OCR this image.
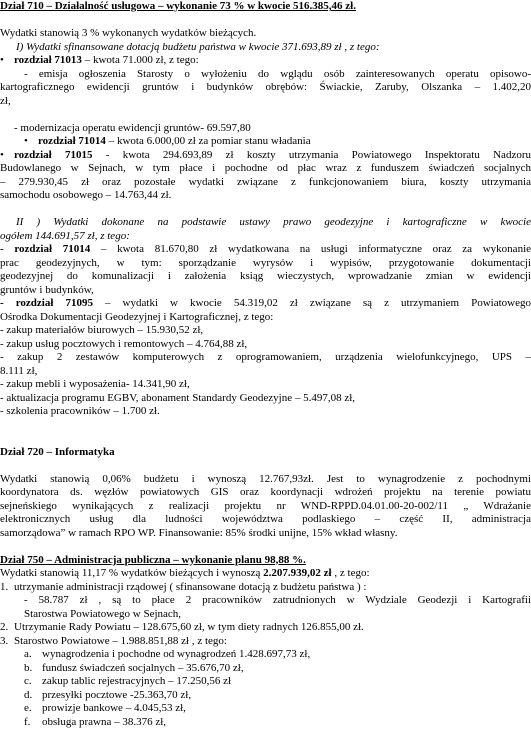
Dział 710 – Działalność usługowa – wykonanie 73 % w kwocie 516.385,46 zł.
Wydatki stanowią 3 % wykonanych wydatków bieżących.
I) Wydatki sfinansowane dotacją budżetu państwa w kwocie 371.693,89 zł , z tego:
• rozdział 71013 – kwota 71.000 zł, z tego:
- emisja ogłoszenia Starosty o wyłożeniu do wglądu osób zainteresowanych operatu opisowo-
kartograficznego ewidencji gruntów i budynków obrębów: Świackie, Zaruby, Olszanka – 1.402,20
zł,
- modernizacja operatu ewidencji gruntów- 69.597,80
• rozdział 71014 – kwota 6.000,00 zł za pomiar stanu władania
• rozdział 71015 - kwota 294.693,89 zł koszty utrzymania Powiatowego Inspektoratu Nadzoru
Budowlanego w Sejnach, w tym płace i pochodne od płac wraz z funduszem świadczeń socjalnych
– 279.930,45 zł oraz pozostałe wydatki związane z funkcjonowaniem biura, koszty utrzymania
samochodu osobowego – 14.763,44 zł.
II ) Wydatki dokonane na podstawie ustawy prawo geodezyjne i kartograficzne w kwocie
ogółem 144.691,57 zł, z tego:
- rozdział 71014 – kwota 81.670,80 zł wydatkowana na usługi informatyczne oraz za wykonanie
prac geodezyjnych, w tym: sporządzanie wyrysów i wypisów, przygotowanie dokumentacji
geodezyjnej do komunalizacji i założenia ksiąg wieczystych, wprowadzanie zmian w ewidencji
gruntów i budynków,
- rozdział 71095 – wydatki w kwocie 54.319,02 zł związane są z utrzymaniem Powiatowego
Ośrodka Dokumentacji Geodezyjnej i Kartograficznej, z tego:
- zakup materiałów biurowych – 15.930,52 zł,
- zakup usług pocztowych i remontowych – 4.764,88 zł,
- zakup 2 zestawów komputerowych z oprogramowaniem, urządzenia wielofunkcyjnego, UPS –
8.111 zł,
- zakup mebli i wyposażenia- 14.341,90 zł,
- aktualizacja programu EGBV, abonament Standardy Geodezyjne – 5.497,08 zł,
- szkolenia pracowników – 1.700 zł.
Dział 720 – Informatyka
Wydatki stanowią 0,06% budżetu i wynoszą 12.767,93zł. Jest to wynagrodzenie z pochodnymi
koordynatora ds. węzłów powiatowych GIS oraz koordynacji wdrożeń projektu na terenie powiatu
sejneńskiego wynikających z realizacji projektu nr WND-RPPD.04.01.00-20-002/11 „ Wdrażanie
elektronicznych usług dla ludności województwa podlaskiego – część II, administracja
samorządowa” w ramach RPO WP. Finansowanie: 85% środki unijne, 15% wkład własny.
Dział 750 – Administracja publiczna – wykonanie planu 98,88 %.
Wydatki stanowią 11,17 % wydatków bieżących i wynoszą 2.207.939,02 zł , z tego:
1. utrzymanie administracji rządowej ( sfinansowane dotacją z budżetu państwa ) :
- 58.787 zł , są to płace 2 pracowników zatrudnionych w Wydziale Geodezji i Kartografii
Starostwa Powiatowego w Sejnach,
2. Utrzymanie Rady Powiatu – 128.675,60 zł, w tym diety radnych 126.855,00 zł.
3. Starostwo Powiatowe – 1.988.851,88 zł , z tego:
a. wynagrodzenia i pochodne od wynagrodzeń 1.428.697,73 zł,
b. fundusz świadczeń socjalnych – 35.676,70 zł,
c. zakup tablic rejestracyjnych – 17.250,56 zł
d. przesyłki pocztowe -25.363,70 zł,
e. prowizje bankowe – 4.045,53 zł,
f. obsługa prawna – 38.376 zł,
